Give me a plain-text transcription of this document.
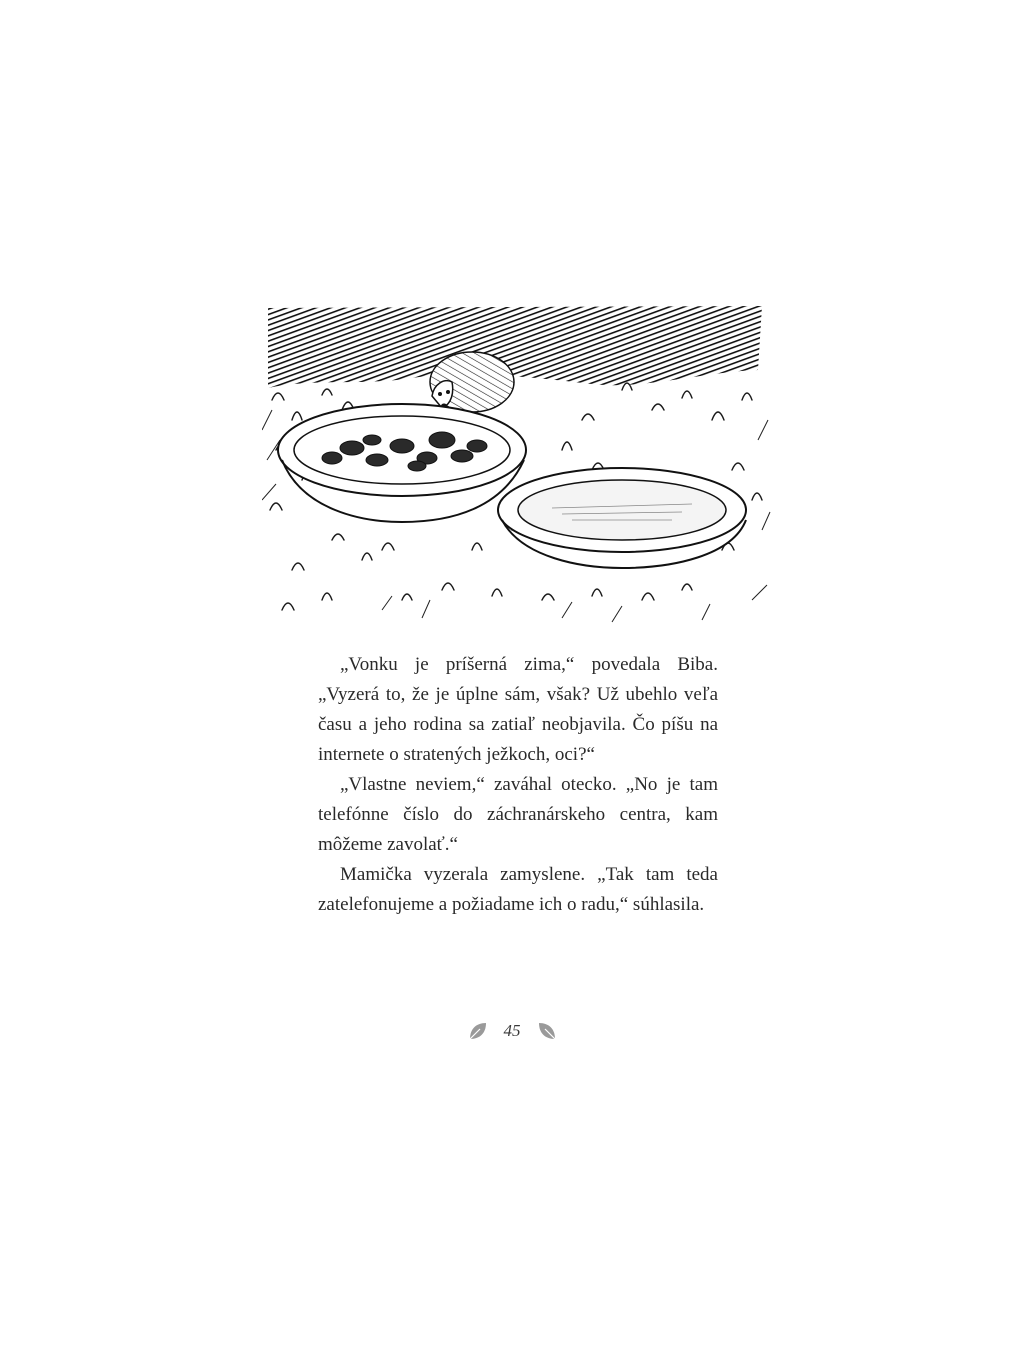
„Vonku je príšerná zima,“ povedala Biba. „Vyzerá to, že je úplne sám, však? Už ubehlo veľa času a jeho rodina sa zatiaľ neobjavila. Čo píšu na internete o stratených ježkoch, oci?“

„Vlastne neviem,“ zaváhal otecko. „No je tam telefónne číslo do záchranárskeho centra, kam môžeme zavolať.“

Mamička vyzerala zamyslene. „Tak tam teda zatelefonujeme a požiadame ich o radu,“ súhlasila.

45
